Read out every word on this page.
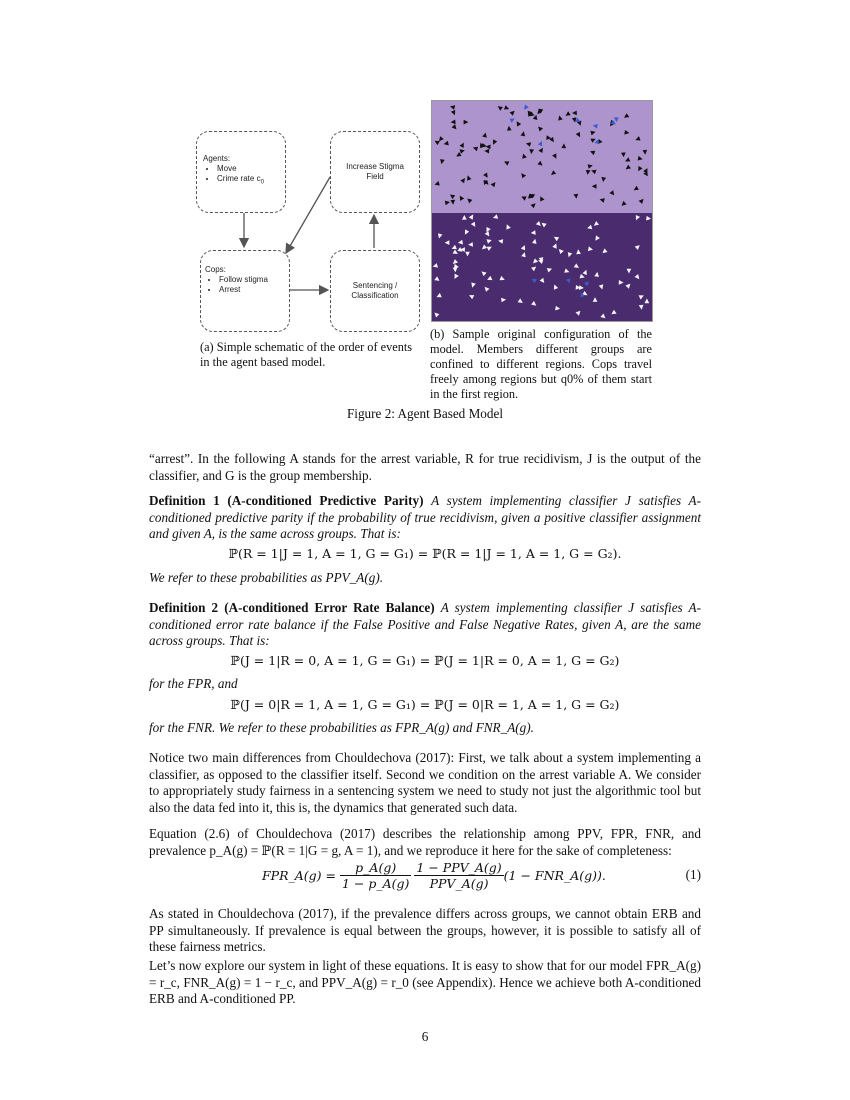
Agents:
• Move
• Crime rate $c_0$
Increase Stigma Field
Cops:
• Follow stigma
• Arrest	Sentencing / Classification
(a) Simple schematic of the order of events in the agent based model.
(b) Sample original configuration of the model. Members different groups are confined to different regions. Cops travel freely among regions but q0% of them start in the first region.
Figure 2: Agent Based Model
“arrest”. In the following A stands for the arrest variable, R for true recidivism, J is the output of the classifier, and G is the group membership.
Definition 1 (A-conditioned Predictive Parity) A system implementing classifier J satisfies A-conditioned predictive parity if the probability of true recidivism, given a positive classifier assignment and given A, is the same across groups. That is:
ℙ(R = 1|J = 1, A = 1, G = G₁) = ℙ(R = 1|J = 1, A = 1, G = G₂).
We refer to these probabilities as PPV_A(g).
Definition 2 (A-conditioned Error Rate Balance) A system implementing classifier J satisfies A-conditioned error rate balance if the False Positive and False Negative Rates, given A, are the same across groups. That is:
ℙ(J = 1|R = 0, A = 1, G = G₁) = ℙ(J = 1|R = 0, A = 1, G = G₂)
for the FPR, and
ℙ(J = 0|R = 1, A = 1, G = G₁) = ℙ(J = 0|R = 1, A = 1, G = G₂)
for the FNR. We refer to these probabilities as FPR_A(g) and FNR_A(g).
Notice two main differences from Chouldechova (2017): First, we talk about a system implementing a classifier, as opposed to the classifier itself. Second we condition on the arrest variable A. We consider to appropriately study fairness in a sentencing system we need to study not just the algorithmic tool but also the data fed into it, this is, the dynamics that generated such data.
Equation (2.6) of Chouldechova (2017) describes the relationship among PPV, FPR, FNR, and prevalence p_A(g) = ℙ(R = 1|G = g, A = 1), and we reproduce it here for the sake of completeness:
FPR_A(g) = $\frac{p\_A(g)}{1 - p\_A(g)} \frac{\text{1 − PPV\_A(g)}}{\text{PPV\_A(g)}} (1$ − FNR_A(g)).	(1)
As stated in Chouldechova (2017), if the prevalence differs across groups, we cannot obtain ERB and PP simultaneously. If prevalence is equal between the groups, however, it is possible to satisfy all of these fairness metrics.
Let’s now explore our system in light of these equations. It is easy to show that for our model FPR_A(g) = r_c, FNR_A(g) = 1 − r_c, and PPV_A(g) = r_0 (see Appendix). Hence we achieve both A-conditioned ERB and A-conditioned PP.
6
